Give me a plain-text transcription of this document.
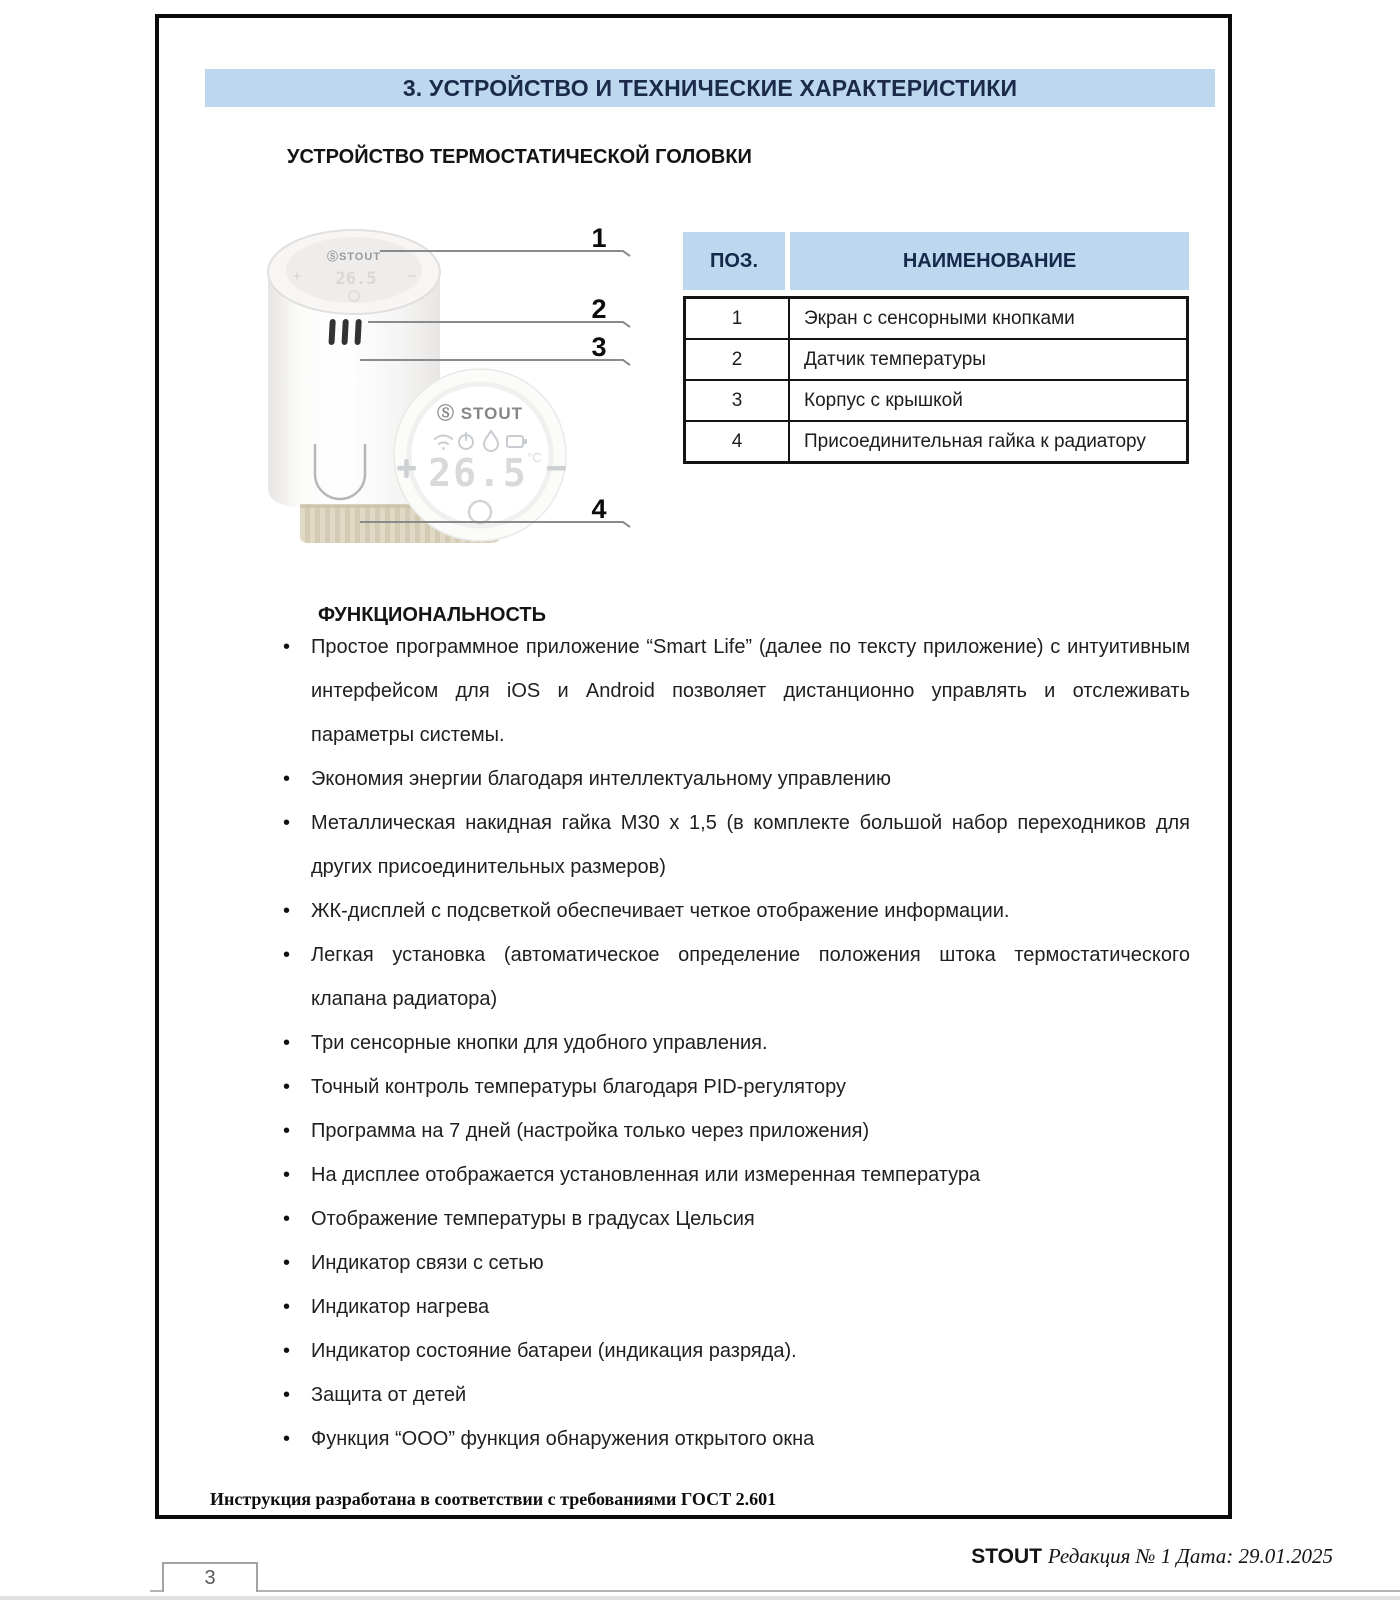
3. УСТРОЙСТВО И ТЕХНИЧЕСКИЕ ХАРАКТЕРИСТИКИ
УСТРОЙСТВО ТЕРМОСТАТИЧЕСКОЙ ГОЛОВКИ
ⓈSTOUT
26.5
+	−
Ⓢ STOUT
26.5 °C
1
2
3
4
ПОЗ.	НАИМЕНОВАНИЕ
1	Экран с сенсорными кнопками
2	Датчик температуры
3	Корпус с крышкой
4	Присоединительная гайка к радиатору
ФУНКЦИОНАЛЬНОСТЬ
• Простое программное приложение “Smart Life” (далее по тексту приложение) с интуитивным интерфейсом для iOS и Android позволяет дистанционно управлять и отслеживать параметры системы.
• Экономия энергии благодаря интеллектуальному управлению
• Металлическая накидная гайка М30 х 1,5 (в комплекте большой набор переходников для других присоединительных размеров)
• ЖК-дисплей с подсветкой обеспечивает четкое отображение информации.
• Легкая установка (автоматическое определение положения штока термостатического клапана радиатора)
• Три сенсорные кнопки для удобного управления.
• Точный контроль температуры благодаря PID-регулятору
• Программа на 7 дней (настройка только через приложения)
• На дисплее отображается установленная или измеренная температура
• Отображение температуры в градусах Цельсия
• Индикатор связи с сетью
• Индикатор нагрева
• Индикатор состояние батареи (индикация разряда).
• Защита от детей
• Функция “ООО” функция обнаружения открытого окна
Инструкция разработана в соответствии с требованиями ГОСТ 2.601
3
STOUT Редакция № 1 Дата: 29.01.2025
